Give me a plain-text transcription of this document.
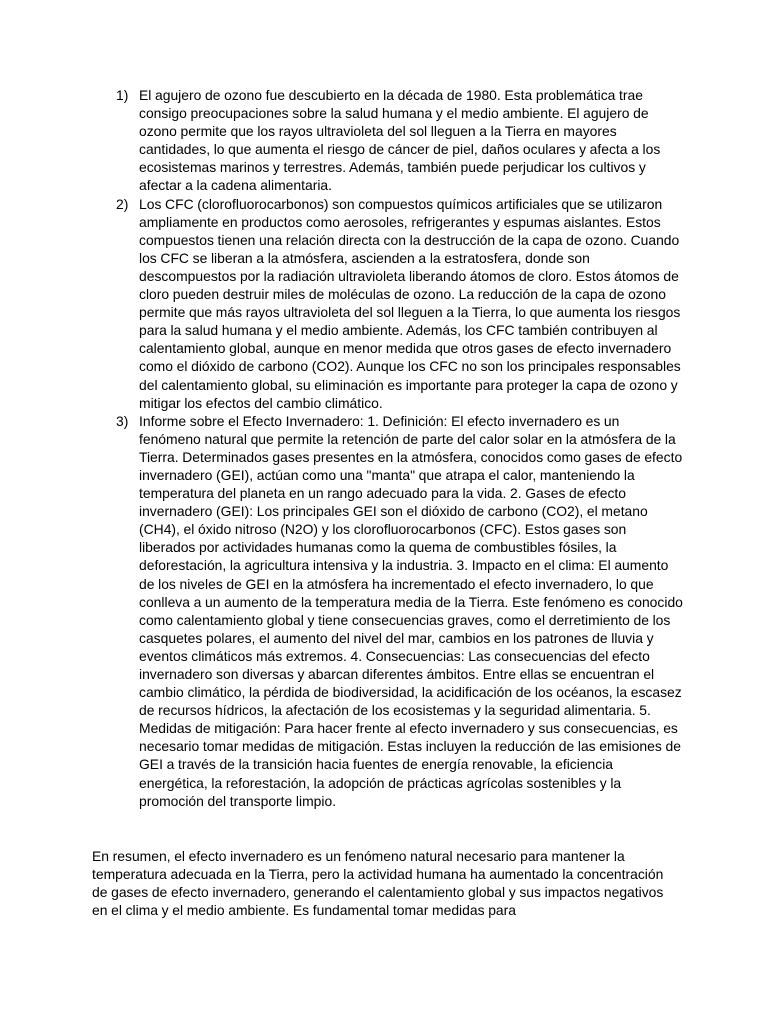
1) El agujero de ozono fue descubierto en la década de 1980. Esta problemática trae consigo preocupaciones sobre la salud humana y el medio ambiente. El agujero de ozono permite que los rayos ultravioleta del sol lleguen a la Tierra en mayores cantidades, lo que aumenta el riesgo de cáncer de piel, daños oculares y afecta a los ecosistemas marinos y terrestres. Además, también puede perjudicar los cultivos y afectar a la cadena alimentaria.
2) Los CFC (clorofluorocarbonos) son compuestos químicos artificiales que se utilizaron ampliamente en productos como aerosoles, refrigerantes y espumas aislantes. Estos compuestos tienen una relación directa con la destrucción de la capa de ozono. Cuando los CFC se liberan a la atmósfera, ascienden a la estratosfera, donde son descompuestos por la radiación ultravioleta liberando átomos de cloro. Estos átomos de cloro pueden destruir miles de moléculas de ozono. La reducción de la capa de ozono permite que más rayos ultravioleta del sol lleguen a la Tierra, lo que aumenta los riesgos para la salud humana y el medio ambiente. Además, los CFC también contribuyen al calentamiento global, aunque en menor medida que otros gases de efecto invernadero como el dióxido de carbono (CO2). Aunque los CFC no son los principales responsables del calentamiento global, su eliminación es importante para proteger la capa de ozono y mitigar los efectos del cambio climático.
3) Informe sobre el Efecto Invernadero: 1. Definición: El efecto invernadero es un fenómeno natural que permite la retención de parte del calor solar en la atmósfera de la Tierra. Determinados gases presentes en la atmósfera, conocidos como gases de efecto invernadero (GEI), actúan como una "manta" que atrapa el calor, manteniendo la temperatura del planeta en un rango adecuado para la vida. 2. Gases de efecto invernadero (GEI): Los principales GEI son el dióxido de carbono (CO2), el metano (CH4), el óxido nitroso (N2O) y los clorofluorocarbonos (CFC). Estos gases son liberados por actividades humanas como la quema de combustibles fósiles, la deforestación, la agricultura intensiva y la industria. 3. Impacto en el clima: El aumento de los niveles de GEI en la atmósfera ha incrementado el efecto invernadero, lo que conlleva a un aumento de la temperatura media de la Tierra. Este fenómeno es conocido como calentamiento global y tiene consecuencias graves, como el derretimiento de los casquetes polares, el aumento del nivel del mar, cambios en los patrones de lluvia y eventos climáticos más extremos. 4. Consecuencias: Las consecuencias del efecto invernadero son diversas y abarcan diferentes ámbitos. Entre ellas se encuentran el cambio climático, la pérdida de biodiversidad, la acidificación de los océanos, la escasez de recursos hídricos, la afectación de los ecosistemas y la seguridad alimentaria. 5. Medidas de mitigación: Para hacer frente al efecto invernadero y sus consecuencias, es necesario tomar medidas de mitigación. Estas incluyen la reducción de las emisiones de GEI a través de la transición hacia fuentes de energía renovable, la eficiencia energética, la reforestación, la adopción de prácticas agrícolas sostenibles y la promoción del transporte limpio.

En resumen, el efecto invernadero es un fenómeno natural necesario para mantener la temperatura adecuada en la Tierra, pero la actividad humana ha aumentado la concentración de gases de efecto invernadero, generando el calentamiento global y sus impactos negativos en el clima y el medio ambiente. Es fundamental tomar medidas para
